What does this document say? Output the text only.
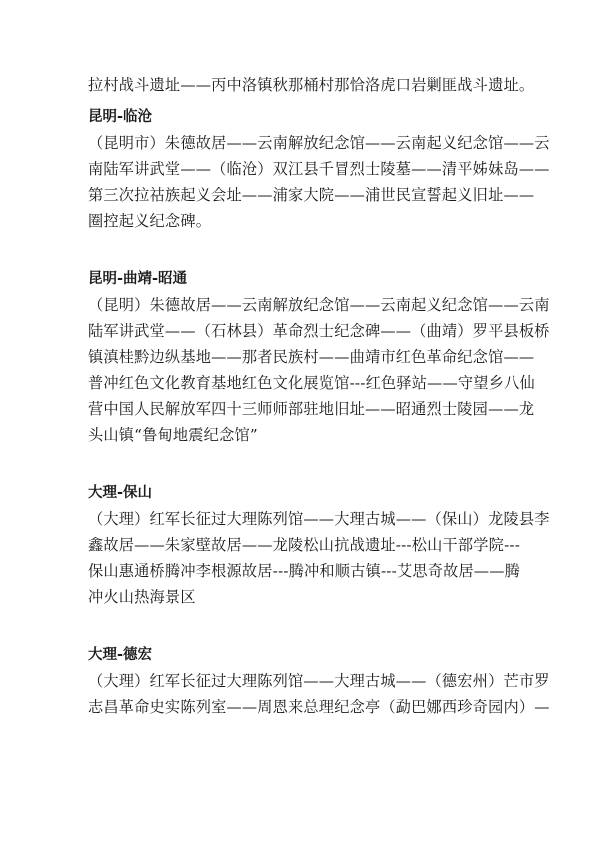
拉村战斗遗址——丙中洛镇秋那桶村那恰洛虎口岩剿匪战斗遗址。
昆明-临沧
（昆明市）朱德故居——云南解放纪念馆——云南起义纪念馆——云
南陆军讲武堂——（临沧）双江县千冒烈士陵墓——清平姊妹岛——
第三次拉祜族起义会址——浦家大院——浦世民宣誓起义旧址——
圈控起义纪念碑。
昆明-曲靖-昭通
（昆明）朱德故居——云南解放纪念馆——云南起义纪念馆——云南
陆军讲武堂——（石林县）革命烈士纪念碑——（曲靖）罗平县板桥
镇滇桂黔边纵基地——那者民族村——曲靖市红色革命纪念馆——
普冲红色文化教育基地红色文化展览馆---红色驿站——守望乡八仙
营中国人民解放军四十三师师部驻地旧址——昭通烈士陵园——龙
头山镇“鲁甸地震纪念馆”
大理-保山
（大理）红军长征过大理陈列馆——大理古城——（保山）龙陵县李
鑫故居——朱家壁故居——龙陵松山抗战遗址---松山干部学院---
保山惠通桥腾冲李根源故居---腾冲和顺古镇---艾思奇故居——腾
冲火山热海景区
大理-德宏
（大理）红军长征过大理陈列馆——大理古城——（德宏州）芒市罗
志昌革命史实陈列室——周恩来总理纪念亭（勐巴娜西珍奇园内）—
